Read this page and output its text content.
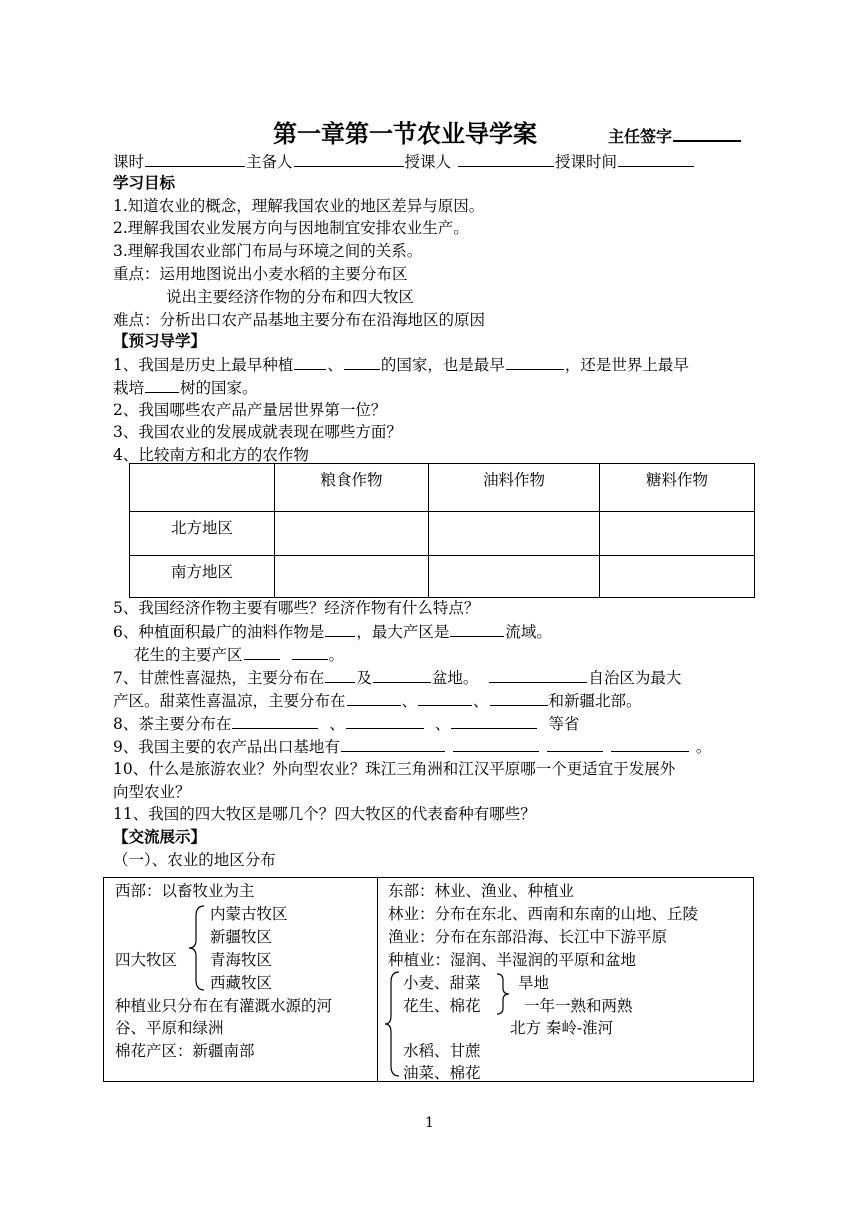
第一章第一节农业导学案	主任签字
课时	主备人	授课人	授课时间
学习目标
1.知道农业的概念，理解我国农业的地区差异与原因。
2.理解我国农业发展方向与因地制宜安排农业生产。
3.理解我国农业部门布局与环境之间的关系。
重点：运用地图说出小麦水稻的主要分布区
说出主要经济作物的分布和四大牧区
难点：分析出口农产品基地主要分布在沿海地区的原因
【预习导学】
1、我国是历史上最早种植 、 的国家，也是最早	，还是世界上最早
栽培 树的国家。
2、我国哪些农产品产量居世界第一位？
3、我国农业的发展成就表现在哪些方面？
4、比较南方和北方的农作物
	粮食作物	油料作物	糖料作物
北方地区			
南方地区			
5、我国经济作物主要有哪些？经济作物有什么特点？
6、种植面积最广的油料作物是 ，最大产区是	流域。
花生的主要产区	。
7、甘蔗性喜湿热，主要分布在 及	盆地。	自治区为最大
产区。甜菜性喜温凉，主要分布在	、	、	和新疆北部。
8、茶主要分布在	、	、	等省
9、我国主要的农产品出口基地有	。
10、什么是旅游农业？外向型农业？珠江三角洲和江汉平原哪一个更适宜于发展外
向型农业？
11、我国的四大牧区是哪几个？四大牧区的代表畜种有哪些？
【交流展示】
（一）、农业的地区分布
西部：以畜牧业为主
内蒙古牧区
新疆牧区
四大牧区 青海牧区
西藏牧区
种植业只分布在有灌溉水源的河
谷、平原和绿洲
棉花产区：新疆南部
东部：林业、渔业、种植业
林业：分布在东北、西南和东南的山地、丘陵
渔业：分布在东部沿海、长江中下游平原
种植业：湿润、半湿润的平原和盆地
小麦、甜菜
花生、棉花
旱地
一年一熟和两熟
北方 秦岭-淮河
水稻、甘蔗
油菜、棉花
1
